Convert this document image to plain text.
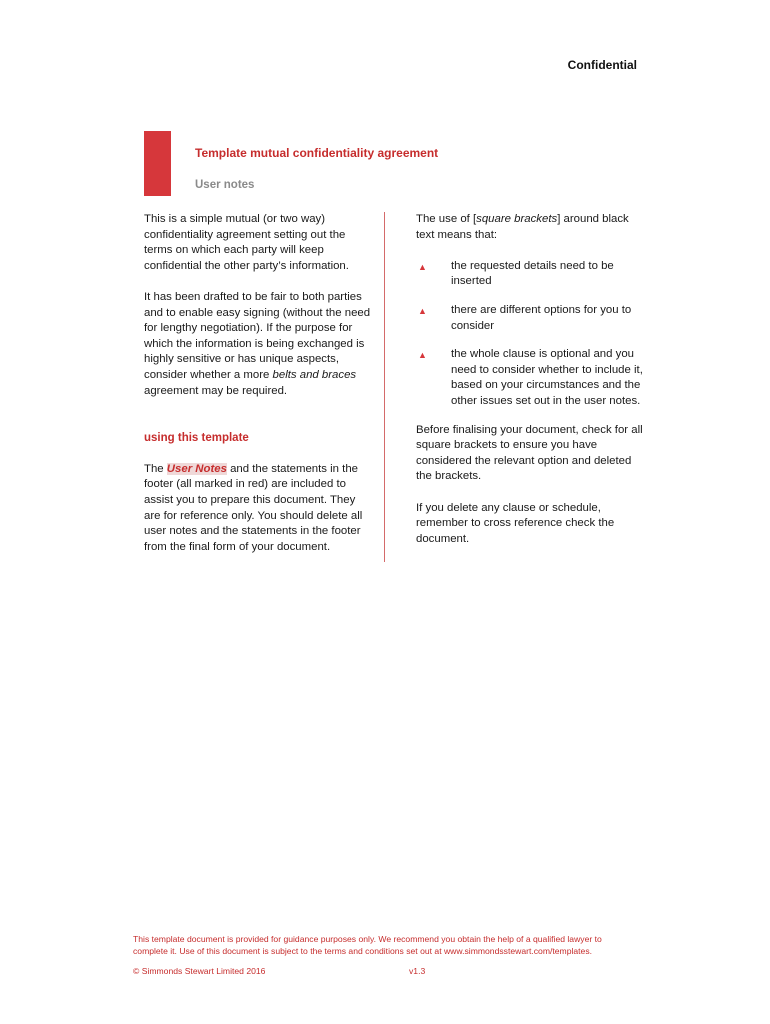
Confidential
Template mutual confidentiality agreement
User notes

This is a simple mutual (or two way) confidentiality agreement setting out the terms on which each party will keep confidential the other party’s information.

It has been drafted to be fair to both parties and to enable easy signing (without the need for lengthy negotiation). If the purpose for which the information is being exchanged is highly sensitive or has unique aspects, consider whether a more belts and braces agreement may be required.

using this template

The User Notes and the statements in the footer (all marked in red) are included to assist you to prepare this document. They are for reference only. You should delete all user notes and the statements in the footer from the final form of your document.

The use of [square brackets] around black text means that:

▲ the requested details need to be inserted
▲ there are different options for you to consider
▲ the whole clause is optional and you need to consider whether to include it, based on your circumstances and the other issues set out in the user notes.

Before finalising your document, check for all square brackets to ensure you have considered the relevant option and deleted the brackets.

If you delete any clause or schedule, remember to cross reference check the document.

This template document is provided for guidance purposes only. We recommend you obtain the help of a qualified lawyer to complete it. Use of this document is subject to the terms and conditions set out at www.simmondsstewart.com/templates.
© Simmonds Stewart Limited 2016	v1.3
